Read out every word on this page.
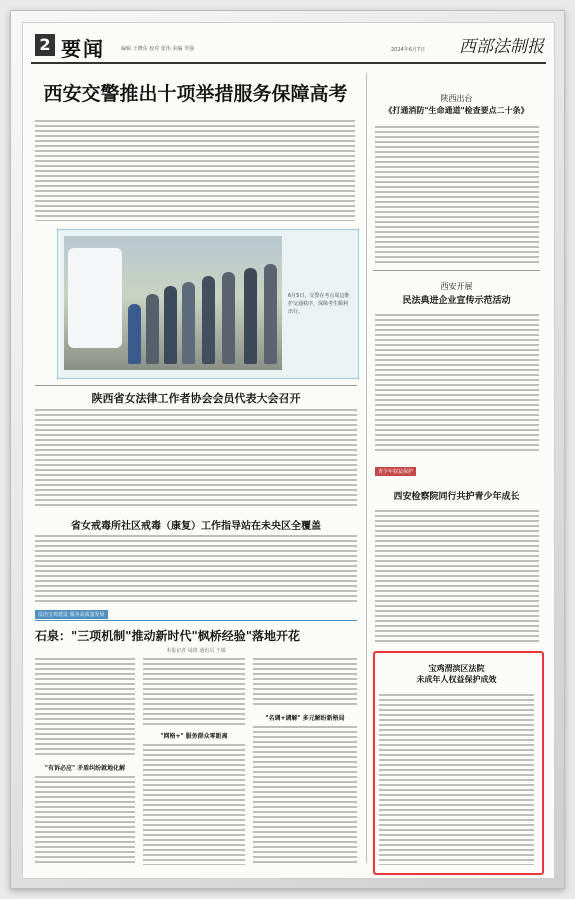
2 要闻	编辑 王晓东 校对 张伟 美编 李强	2024年6月7日 西部法制报
西安交警推出十项举措服务保障高考	陕西出台
《打通消防"生命通道"检查要点二十条》
6月5日，交警在考点周边维护交通秩序，保障考生顺利出行。
西安开展
民法典进企业宣传示范活动
陕西省女法律工作者协会会员代表大会召开
青少年权益保护
西安检察院同行共护青少年成长
省女戒毒所社区戒毒（康复）工作指导站在未央区全覆盖
法治宝鸡建设 服务高质量发展
石泉："三项机制"推动新时代"枫桥经验"落地开花
本报记者 周倩 通讯员 王敏
"有诉必应" 矛盾纠纷就地化解
"网格+" 服务群众零距离
"名调+调解" 多元解纷新格局
宝鸡渭滨区法院
未成年人权益保护成效
